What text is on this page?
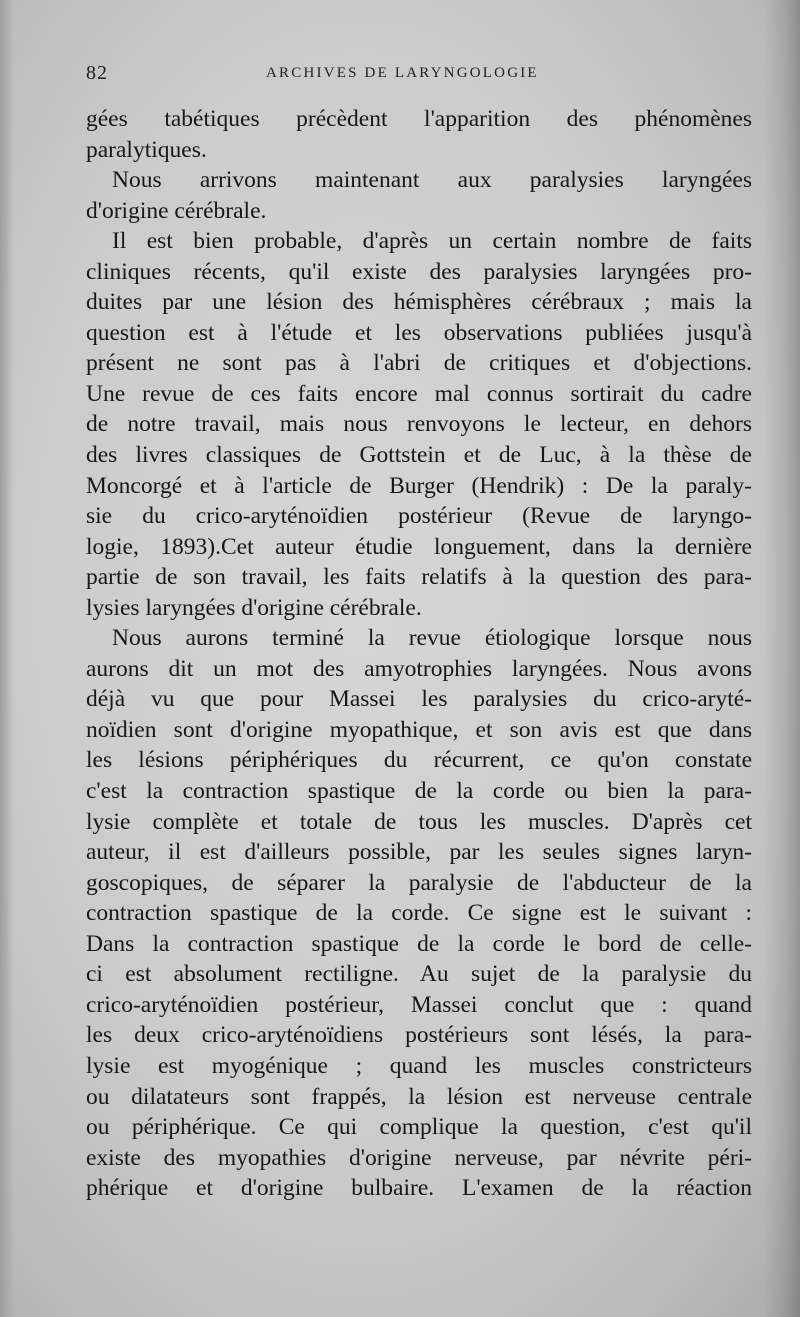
82	ARCHIVES DE LARYNGOLOGIE
gées tabétiques précèdent l'apparition des phénomènes
paralytiques.
Nous arrivons maintenant aux paralysies laryngées
d'origine cérébrale.
Il est bien probable, d'après un certain nombre de faits
cliniques récents, qu'il existe des paralysies laryngées pro-
duites par une lésion des hémisphères cérébraux ; mais la
question est à l'étude et les observations publiées jusqu'à
présent ne sont pas à l'abri de critiques et d'objections.
Une revue de ces faits encore mal connus sortirait du cadre
de notre travail, mais nous renvoyons le lecteur, en dehors
des livres classiques de Gottstein et de Luc, à la thèse de
Moncorgé et à l'article de Burger (Hendrik) : De la paraly-
sie du crico-aryténoïdien postérieur (Revue de laryngo-
logie, 1893).Cet auteur étudie longuement, dans la dernière
partie de son travail, les faits relatifs à la question des para-
lysies laryngées d'origine cérébrale.
Nous aurons terminé la revue étiologique lorsque nous
aurons dit un mot des amyotrophies laryngées. Nous avons
déjà vu que pour Massei les paralysies du crico-aryté-
noïdien sont d'origine myopathique, et son avis est que dans
les lésions périphériques du récurrent, ce qu'on constate
c'est la contraction spastique de la corde ou bien la para-
lysie complète et totale de tous les muscles. D'après cet
auteur, il est d'ailleurs possible, par les seules signes laryn-
goscopiques, de séparer la paralysie de l'abducteur de la
contraction spastique de la corde. Ce signe est le suivant :
Dans la contraction spastique de la corde le bord de celle-
ci est absolument rectiligne. Au sujet de la paralysie du
crico-aryténoïdien postérieur, Massei conclut que : quand
les deux crico-aryténoïdiens postérieurs sont lésés, la para-
lysie est myogénique ; quand les muscles constricteurs
ou dilatateurs sont frappés, la lésion est nerveuse centrale
ou périphérique. Ce qui complique la question, c'est qu'il
existe des myopathies d'origine nerveuse, par névrite péri-
phérique et d'origine bulbaire. L'examen de la réaction
